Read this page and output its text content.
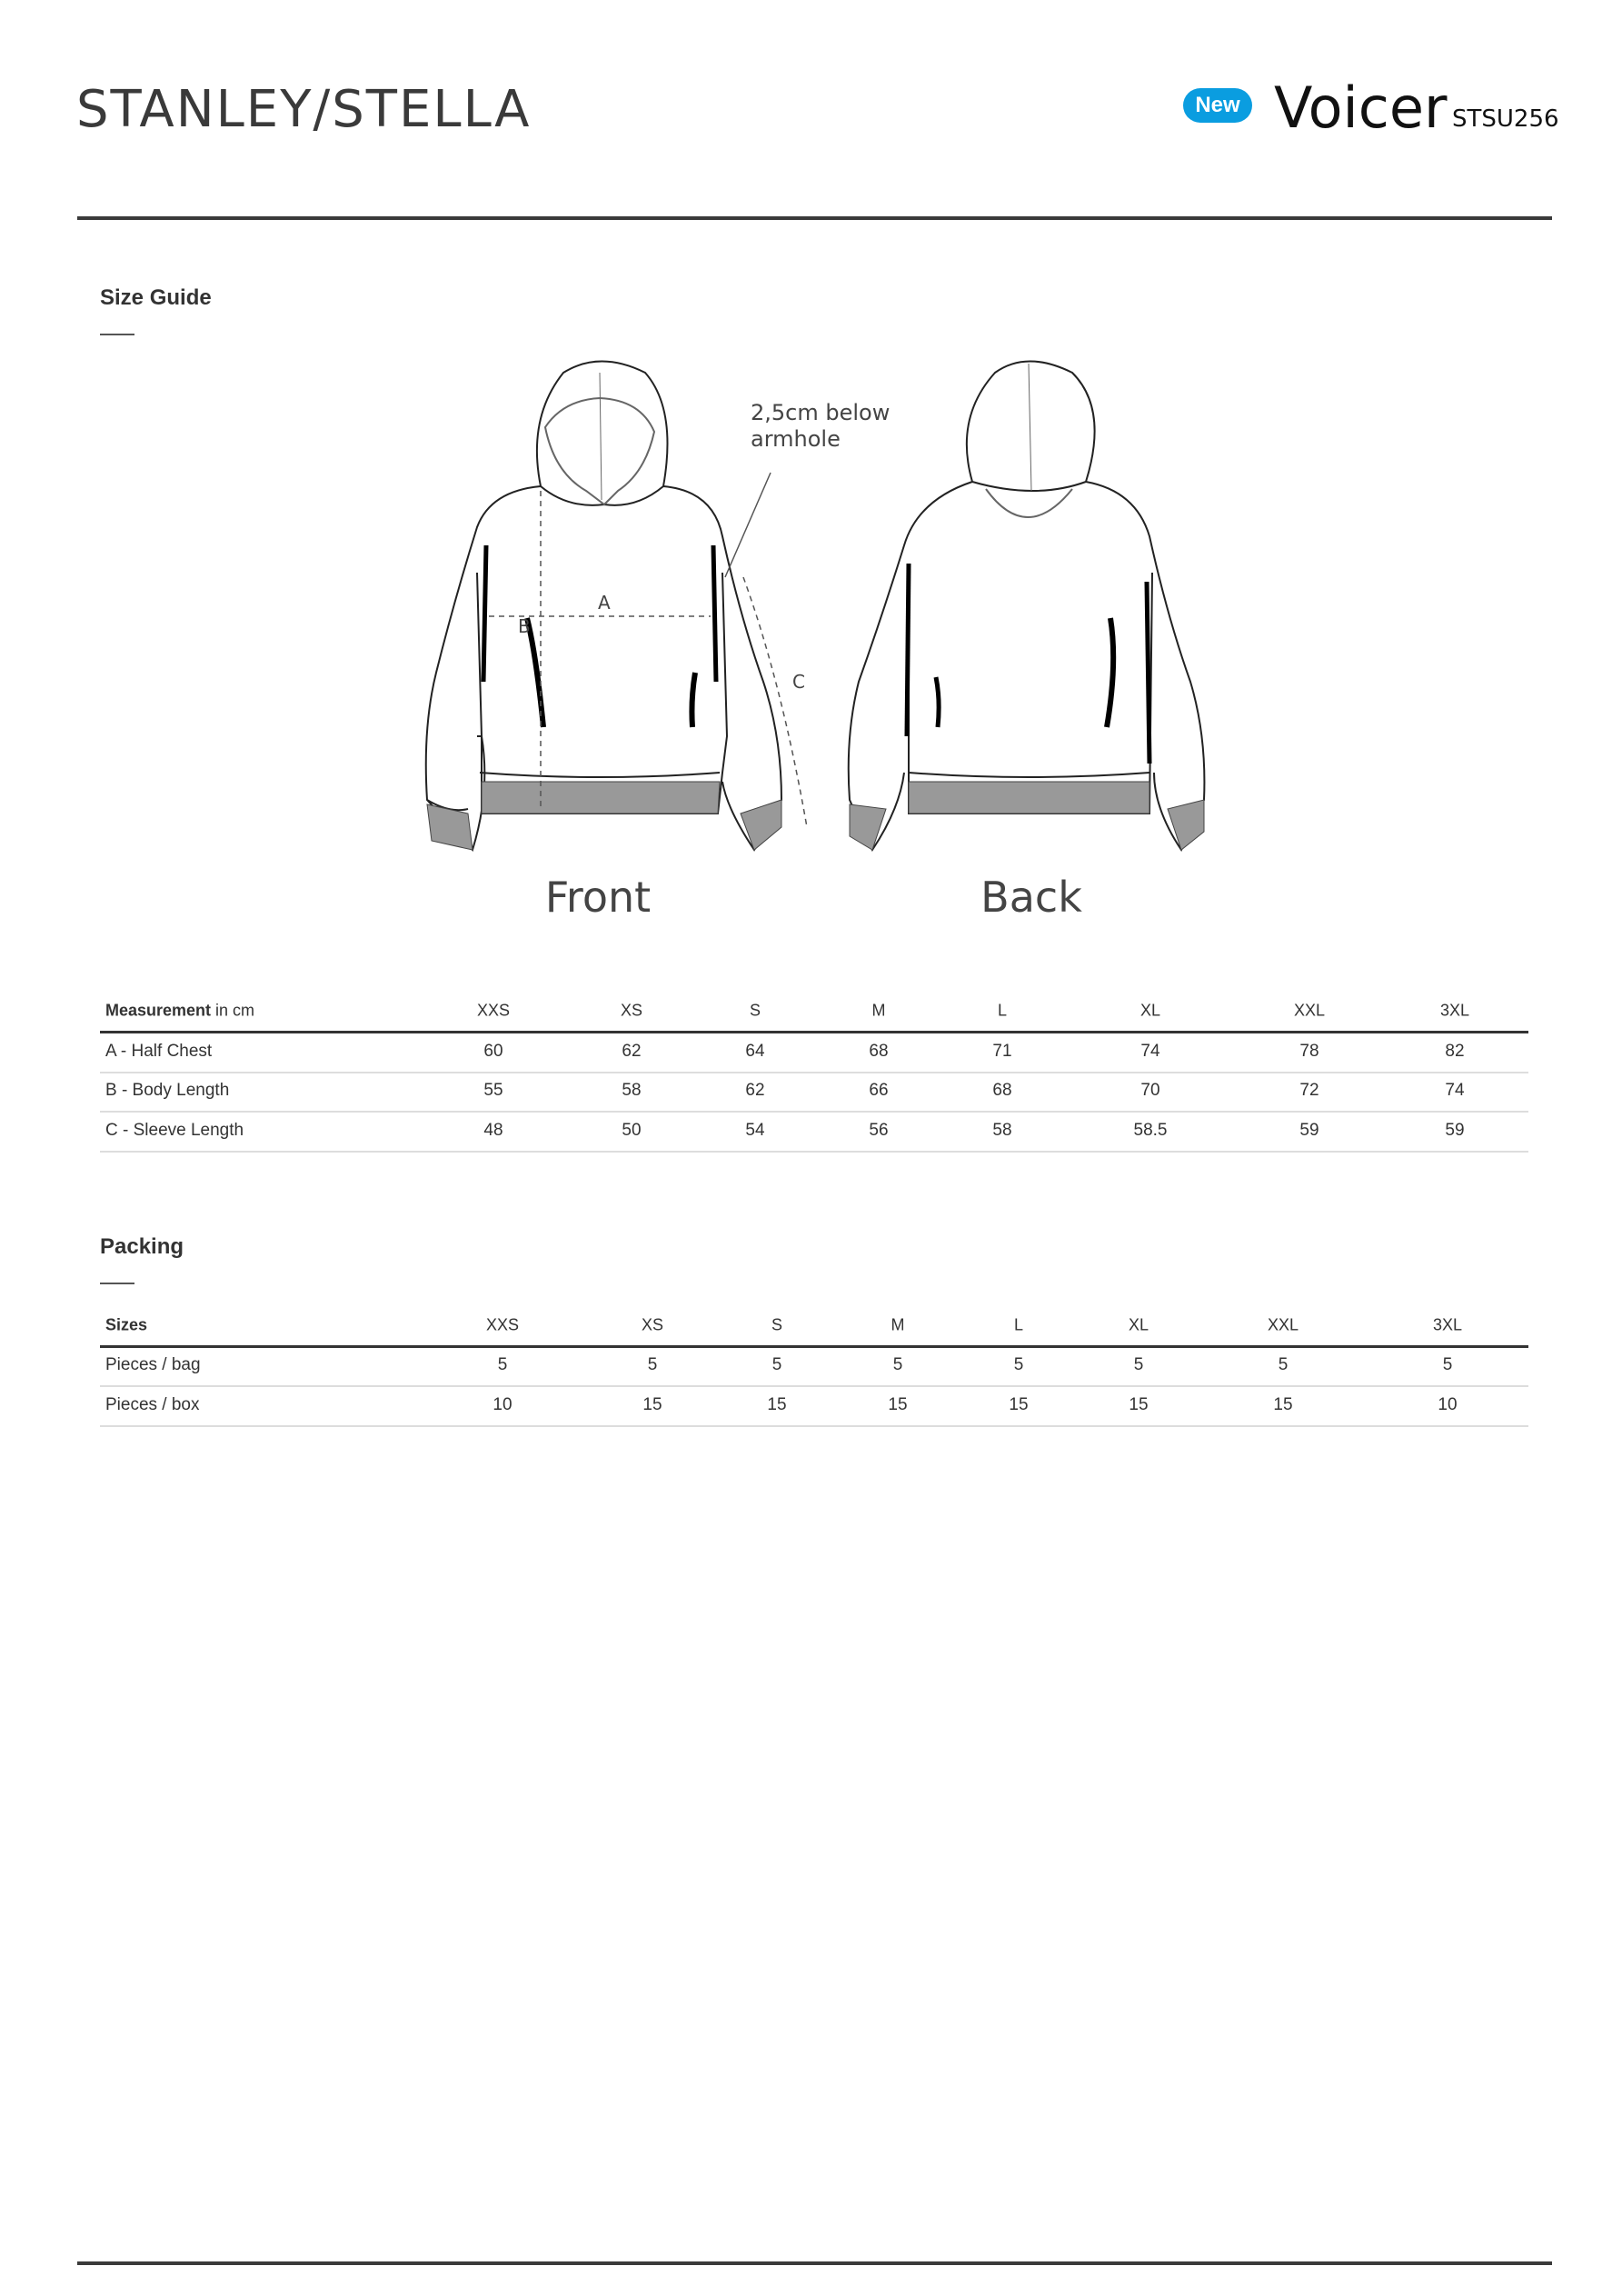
STANLEY/STELLA	New Voicer STSU256
Size Guide
A
B
C
2,5cm below
armhole
Front	Back
Measurement in cm	XXS	XS	S	M	L	XL	XXL	3XL
A - Half Chest	60	62	64	68	71	74	78	82
B - Body Length	55	58	62	66	68	70	72	74
C - Sleeve Length	48	50	54	56	58	58.5	59	59
Packing
Sizes	XXS	XS	S	M	L	XL	XXL	3XL
Pieces / bag	5	5	5	5	5	5	5	5
Pieces / box	10	15	15	15	15	15	15	10
